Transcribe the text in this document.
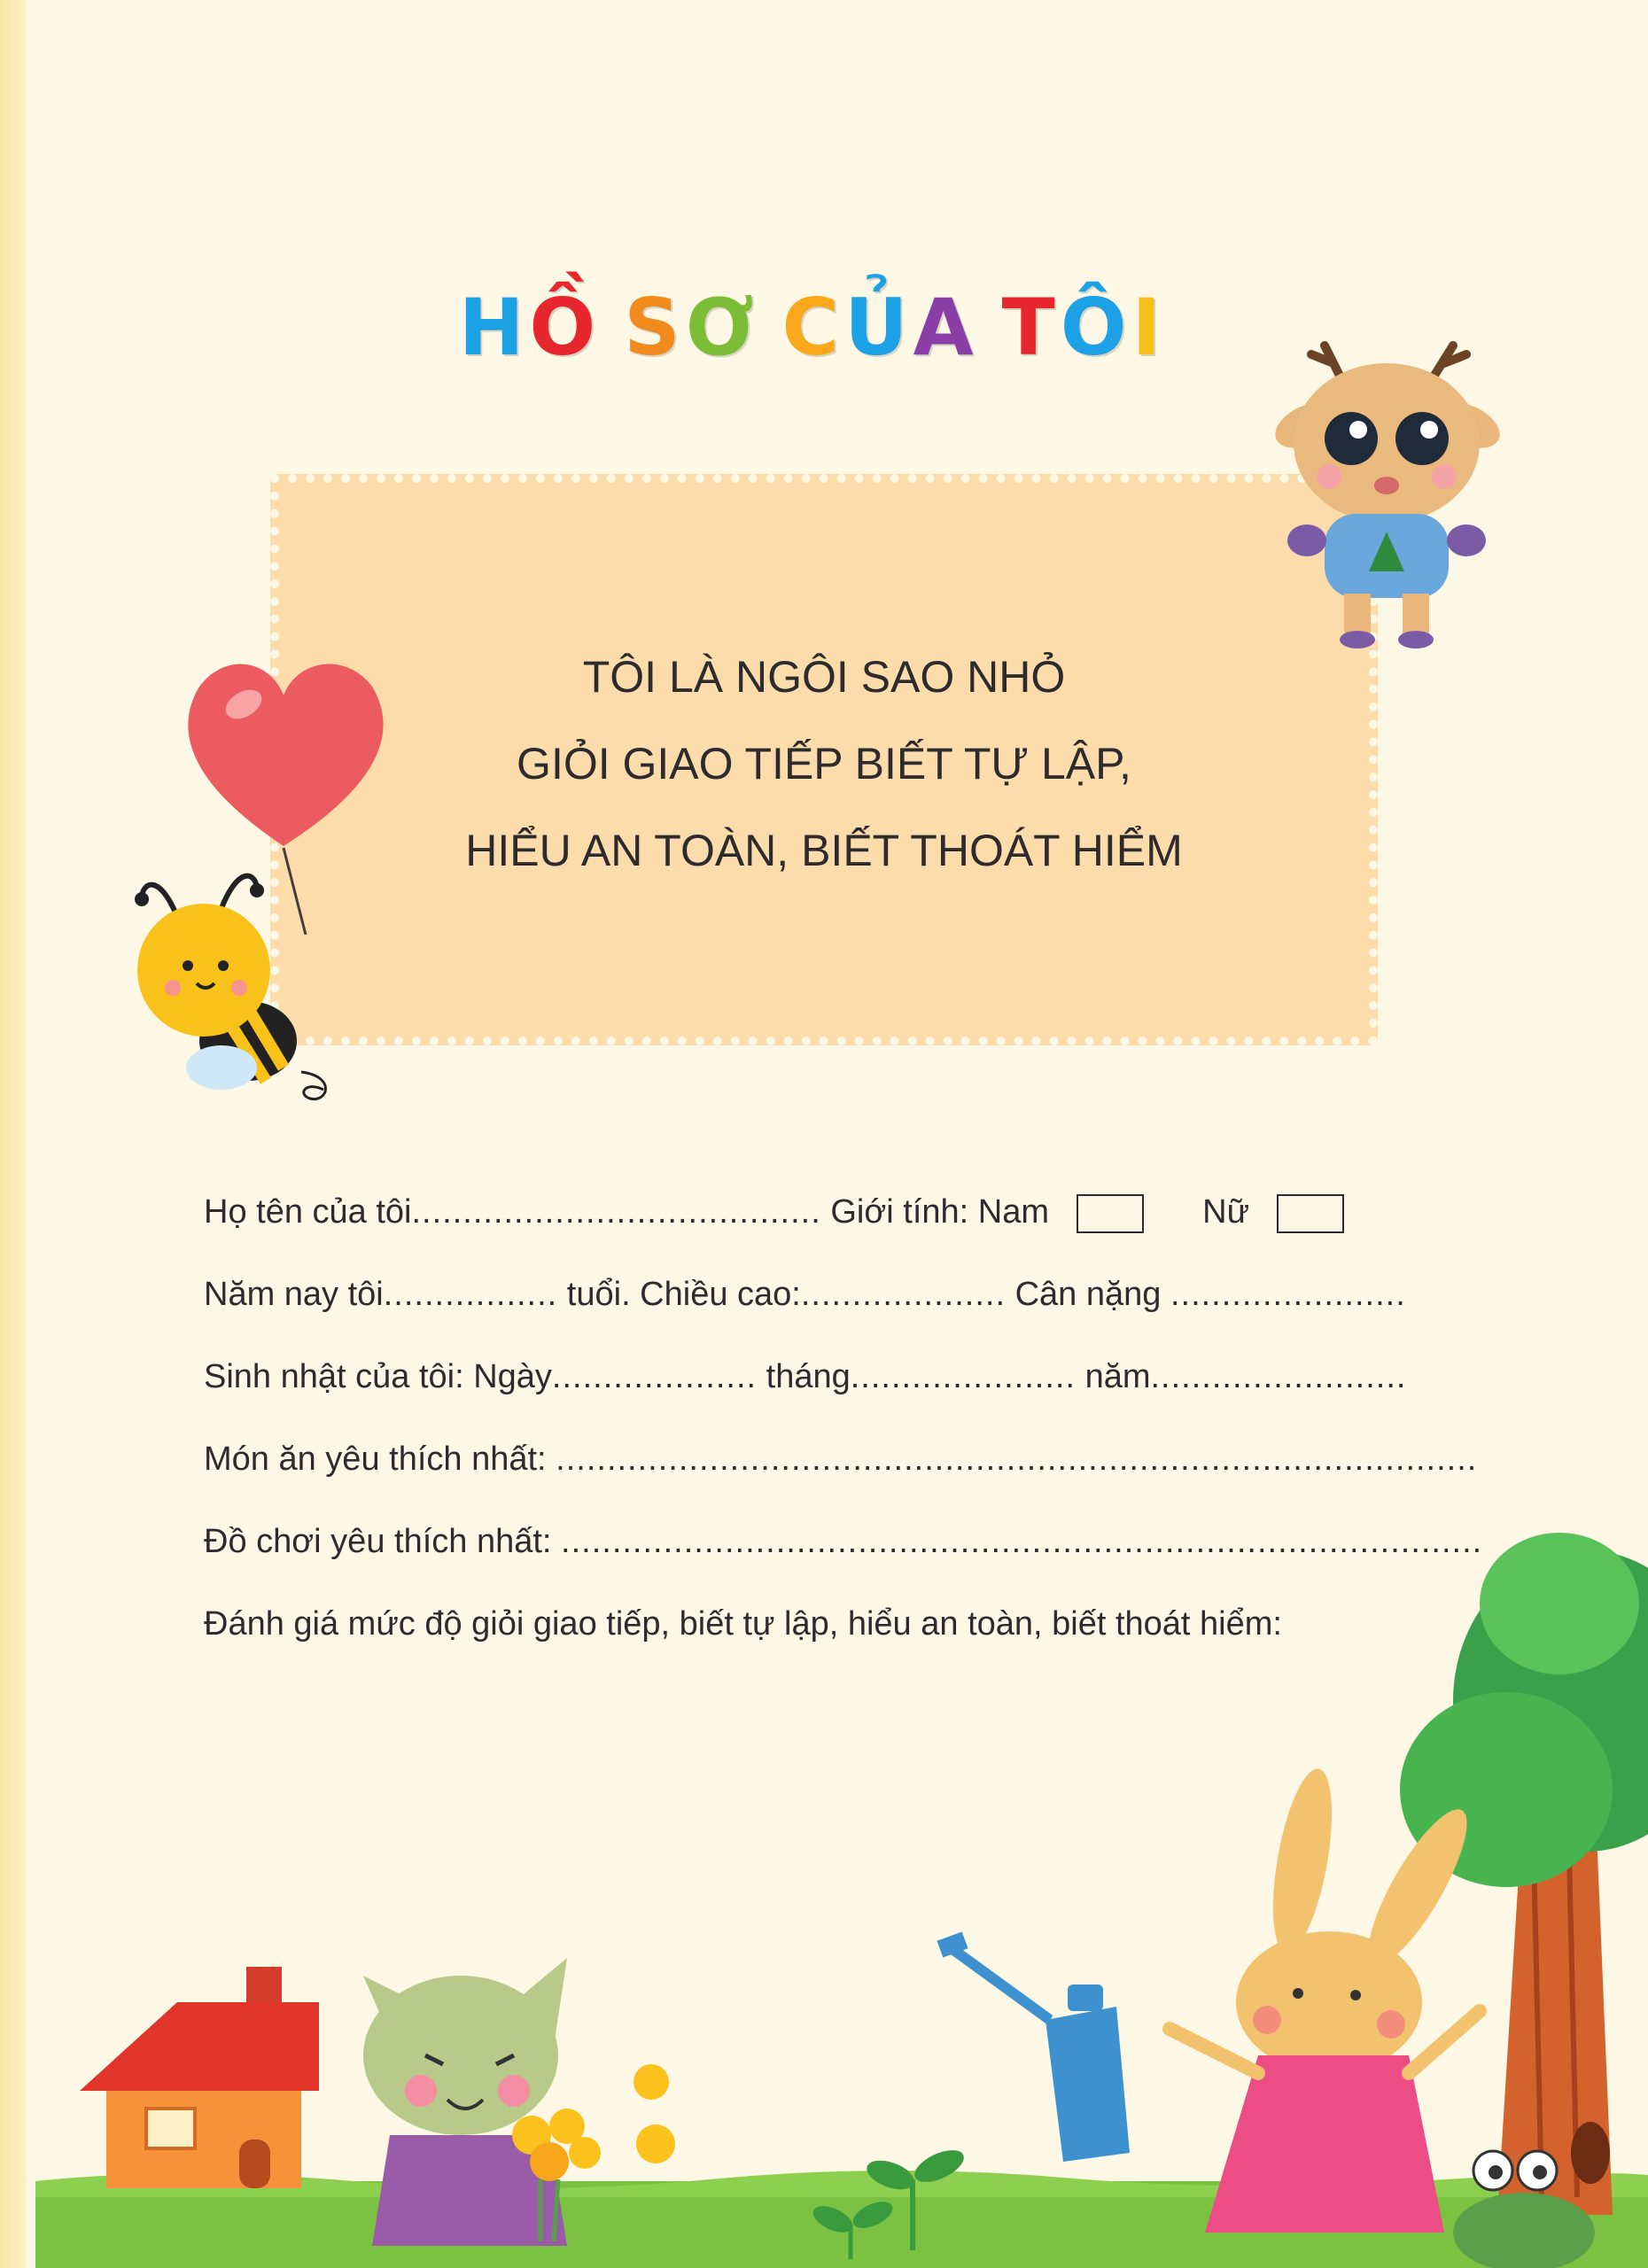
HỒ SƠ CỦA TÔI
TÔI LÀ NGÔI SAO NHỎ
GIỎI GIAO TIẾP BIẾT TỰ LẬP,
HIỂU AN TOÀN, BIẾT THOÁT HIỂM
Họ tên của tôi........................................ Giới tính: Nam	Nữ
Năm nay tôi................. tuổi. Chiều cao:.................... Cân nặng .......................
Sinh nhật của tôi: Ngày.................... tháng...................... năm.........................
Món ăn yêu thích nhất: ..........................................................................................
Đồ chơi yêu thích nhất: ..........................................................................................
Đánh giá mức độ giỏi giao tiếp, biết tự lập, hiểu an toàn, biết thoát hiểm:
